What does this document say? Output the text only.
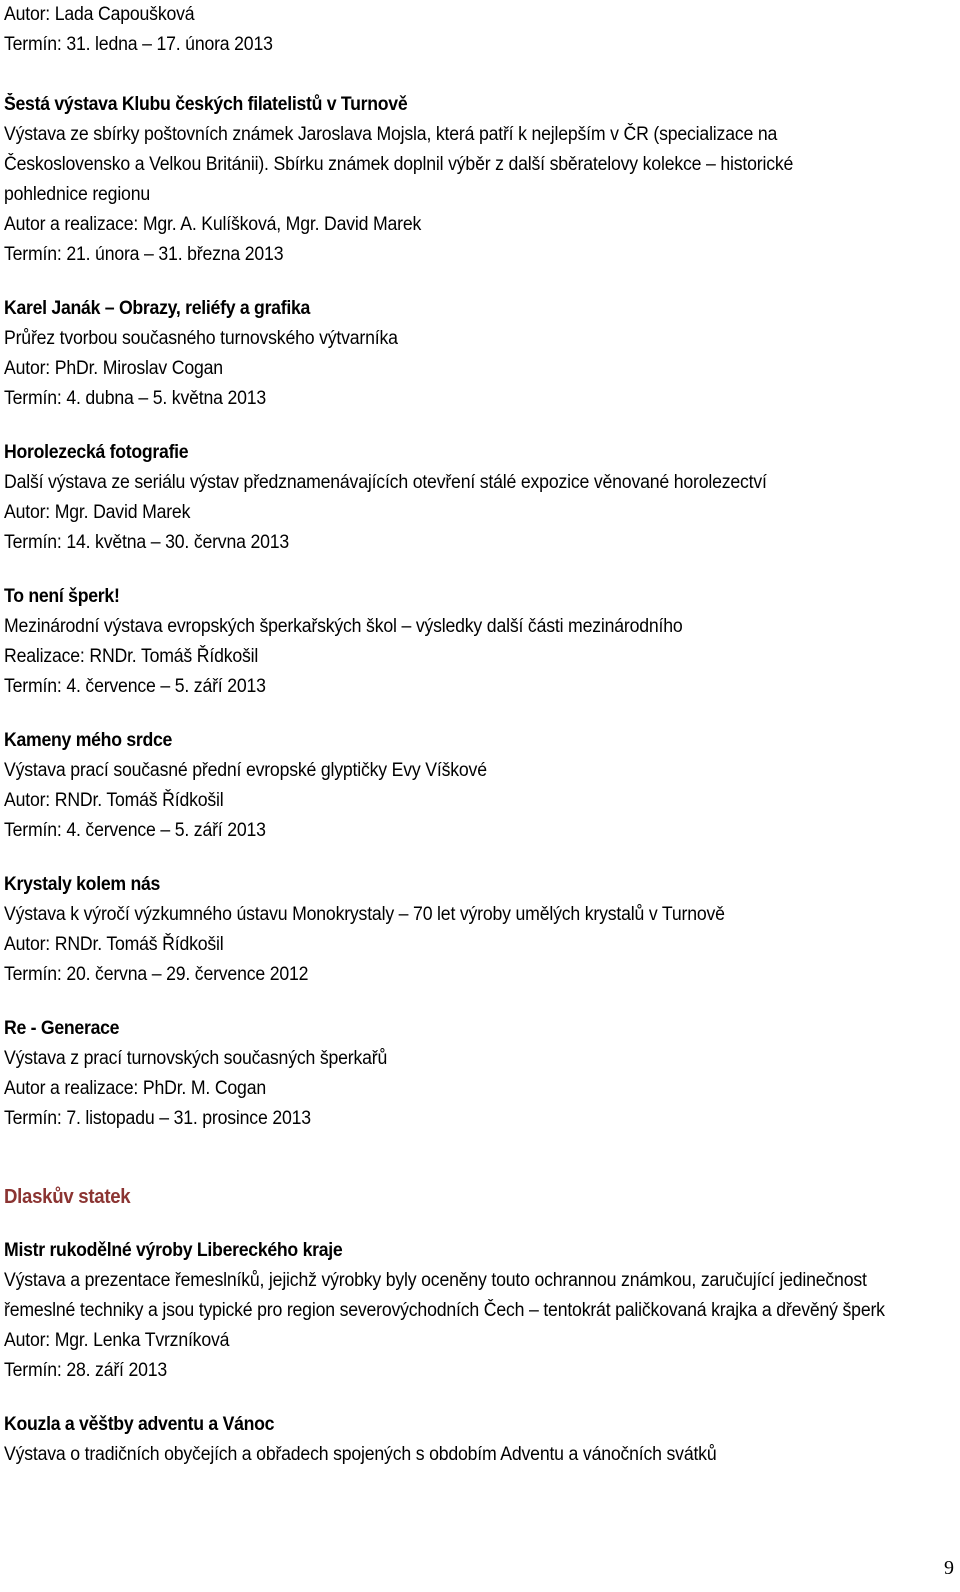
Autor: Lada Capoušková
Termín: 31. ledna – 17. února 2013
Šestá výstava Klubu českých filatelistů v Turnově
Výstava ze sbírky poštovních známek Jaroslava Mojsla, která patří k nejlepším v ČR (specializace na
Československo a Velkou Británii). Sbírku známek doplnil výběr z další sběratelovy kolekce – historické
pohlednice regionu
Autor a realizace: Mgr. A. Kulíšková, Mgr. David Marek
Termín: 21. února – 31. března 2013
Karel Janák – Obrazy, reliéfy a grafika
Průřez tvorbou současného turnovského výtvarníka
Autor: PhDr. Miroslav Cogan
Termín: 4. dubna – 5. května 2013
Horolezecká fotografie
Další výstava ze seriálu výstav předznamenávajících otevření stálé expozice věnované horolezectví
Autor: Mgr. David Marek
Termín: 14. května – 30. června 2013
To není šperk!
Mezinárodní výstava evropských šperkařských škol – výsledky další části mezinárodního
Realizace: RNDr. Tomáš Řídkošil
Termín: 4. července – 5. září 2013
Kameny mého srdce
Výstava prací současné přední evropské glyptičky Evy Víškové
Autor: RNDr. Tomáš Řídkošil
Termín: 4. července – 5. září 2013
Krystaly kolem nás
Výstava k výročí výzkumného ústavu Monokrystaly – 70 let výroby umělých krystalů v Turnově
Autor: RNDr. Tomáš Řídkošil
Termín: 20. června – 29. července 2012
Re - Generace
Výstava z prací turnovských současných šperkařů
Autor a realizace: PhDr. M. Cogan
Termín: 7. listopadu – 31. prosince 2013
Dlaskův statek
Mistr rukodělné výroby Libereckého kraje
Výstava a prezentace řemeslníků, jejichž výrobky byly oceněny touto ochrannou známkou, zaručující jedinečnost
řemeslné techniky a jsou typické pro region severovýchodních Čech – tentokrát paličkovaná krajka a dřevěný šperk
Autor: Mgr. Lenka Tvrzníková
Termín: 28. září 2013
Kouzla a věštby adventu a Vánoc
Výstava o tradičních obyčejích a obřadech spojených s obdobím Adventu a vánočních svátků
9
